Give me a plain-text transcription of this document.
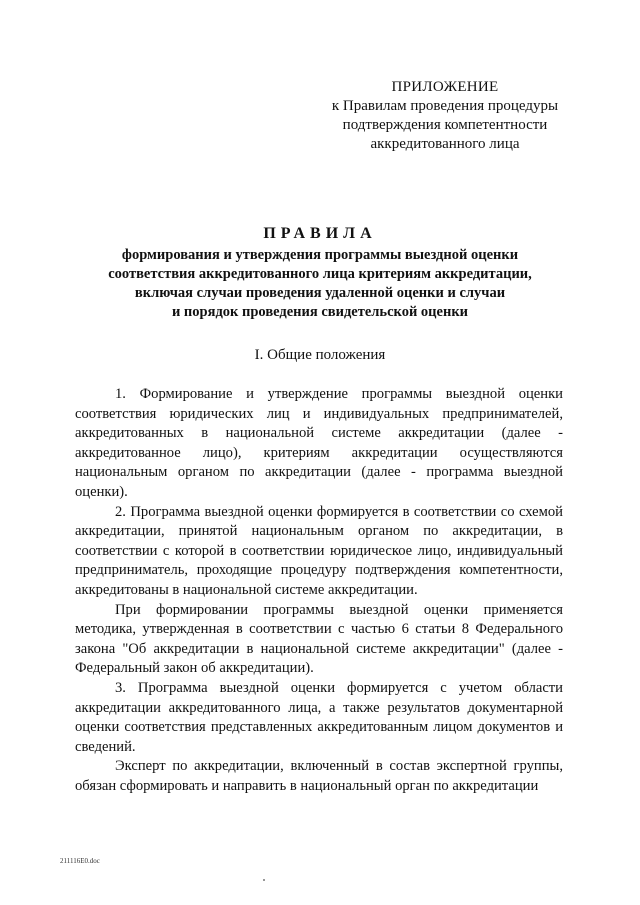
ПРИЛОЖЕНИЕ
к Правилам проведения процедуры
подтверждения компетентности
аккредитованного лица
ПРАВИЛА
формирования и утверждения программы выездной оценки
соответствия аккредитованного лица критериям аккредитации,
включая случаи проведения удаленной оценки и случаи
и порядок проведения свидетельской оценки
I. Общие положения

1. Формирование и утверждение программы выездной оценки соответствия юридических лиц и индивидуальных предпринимателей, аккредитованных в национальной системе аккредитации (далее - аккредитованное лицо), критериям аккредитации осуществляются национальным органом по аккредитации (далее - программа выездной оценки).

2. Программа выездной оценки формируется в соответствии со схемой аккредитации, принятой национальным органом по аккредитации, в соответствии с которой в соответствии юридическое лицо, индивидуальный предприниматель, проходящие процедуру подтверждения компетентности, аккредитованы в национальной системе аккредитации.

При формировании программы выездной оценки применяется методика, утвержденная в соответствии с частью 6 статьи 8 Федерального закона "Об аккредитации в национальной системе аккредитации" (далее - Федеральный закон об аккредитации).

3. Программа выездной оценки формируется с учетом области аккредитации аккредитованного лица, а также результатов документарной оценки соответствия представленных аккредитованным лицом документов и сведений.

Эксперт по аккредитации, включенный в состав экспертной группы, обязан сформировать и направить в национальный орган по аккредитации

211116E0.doc
